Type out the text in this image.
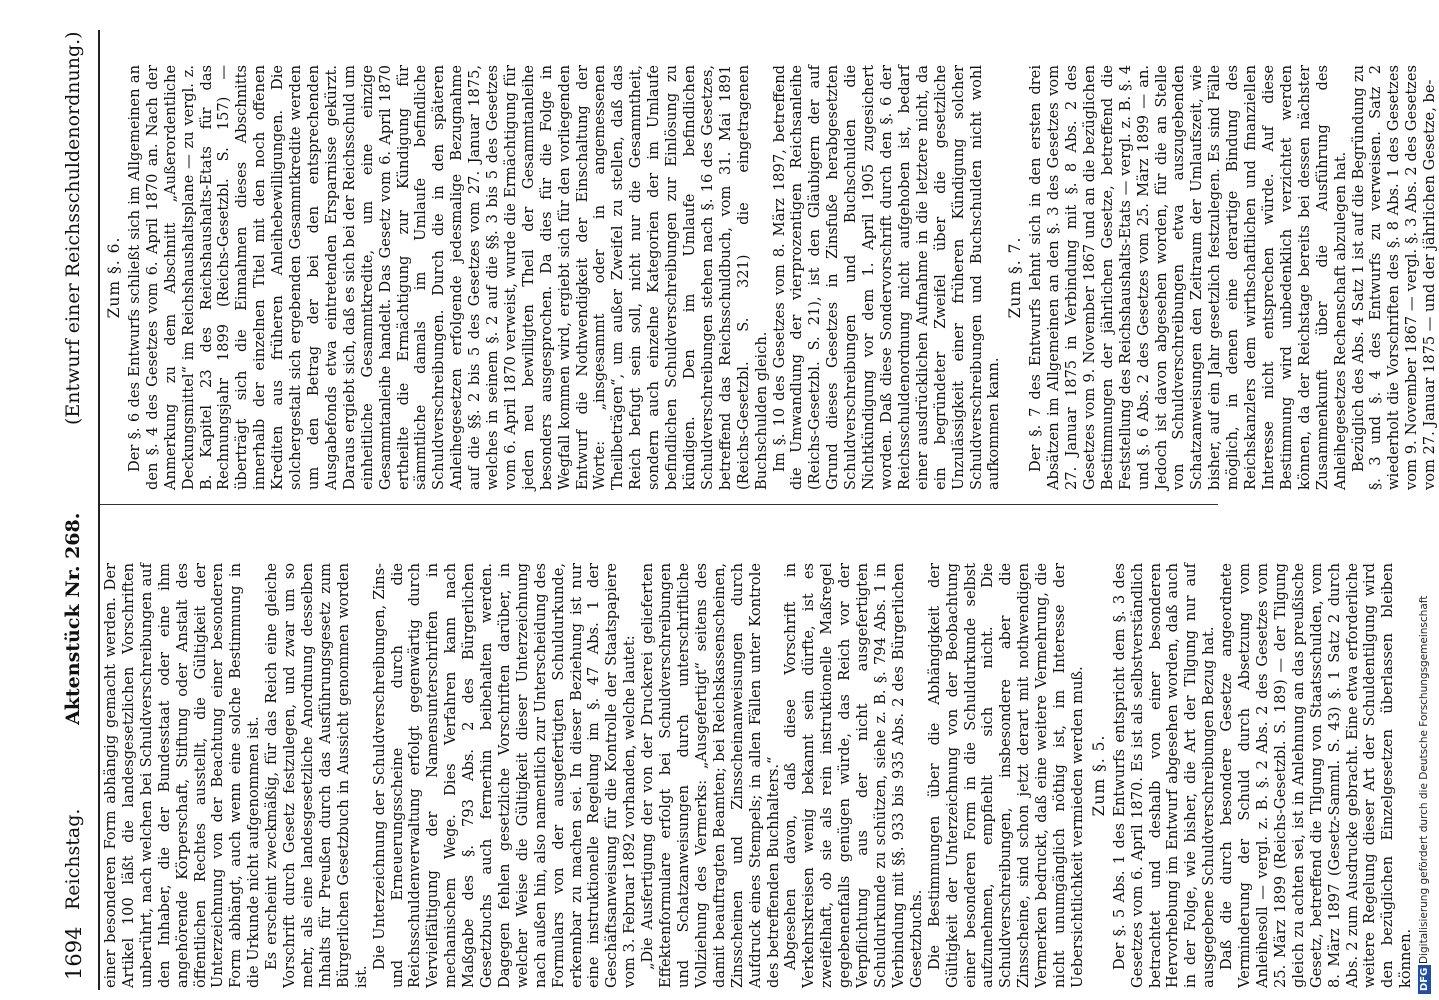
1694
Reichstag.
Aktenstück Nr. 268.
(Entwurf einer Reichsschuldenordnung.)

einer besonderen Form abhängig gemacht werden. Der Artikel 100 läßt die landesgesetzlichen Vorschriften unberührt, nach welchen bei Schuldverschreibungen auf den Inhaber, die der Bundesstaat oder eine ihm angehörende Körperschaft, Stiftung oder Anstalt des öffentlichen Rechtes ausstellt, die Gültigkeit der Unterzeichnung von der Beachtung einer besonderen Form abhängt, auch wenn eine solche Bestimmung in die Urkunde nicht aufgenommen ist. Es erscheint zweckmäßig, für das Reich eine gleiche Vorschrift durch Gesetz festzulegen, und zwar um so mehr, als eine landesgesetzliche Anordnung desselben Inhalts für Preußen durch das Ausführungsgesetz zum Bürgerlichen Gesetzbuch in Aussicht genommen worden ist.

Die Unterzeichnung der Schuldverschreibungen, Zins- und Erneuerungsscheine durch die Reichsschuldenverwaltung erfolgt gegenwärtig durch Vervielfältigung der Namensunterschriften in mechanischem Wege. Dies Verfahren kann nach Maßgabe des §. 793 Abs. 2 des Bürgerlichen Gesetzbuchs auch fernerhin beibehalten werden. Dagegen fehlen gesetzliche Vorschriften darüber, in welcher Weise die Gültigkeit dieser Unterzeichnung nach außen hin, also namentlich zur Unterscheidung des Formulars von der ausgefertigten Schuldurkunde, erkennbar zu machen sei. In dieser Beziehung ist nur eine instruktionelle Regelung im §. 47 Abs. 1 der Geschäftsanweisung für die Kontrolle der Staatspapiere vom 3. Februar 1892 vorhanden, welche lautet: „Die Ausfertigung der von der Druckerei gelieferten Effektenformulare erfolgt bei Schuldverschreibungen und Schatzanweisungen durch unterschriftliche Vollziehung des Vermerks: „Ausgefertigt“ seitens des damit beauftragten Beamten; bei Reichskassenscheinen, Zinsscheinen und Zinsscheinanweisungen durch Aufdruck eines Stempels; in allen Fällen unter Kontrole des betreffenden Buchhalters.“ Abgesehen davon, daß diese Vorschrift in Verkehrskreisen wenig bekannt sein dürfte, ist es zweifelhaft, ob sie als rein instruktionelle Maßregel gegebenenfalls genügen würde, das Reich vor der Verpflichtung aus der nicht ausgefertigten Schuldurkunde zu schützen, siehe z. B. §. 794 Abs. 1 in Verbindung mit §§. 933 bis 935 Abs. 2 des Bürgerlichen Gesetzbuchs. Die Bestimmungen über die Abhängigkeit der Gültigkeit der Unterzeichnung von der Beobachtung einer besonderen Form in die Schuldurkunde selbst aufzunehmen, empfiehlt sich nicht. Die Schuldverschreibungen, insbesondere aber die Zinsscheine, sind schon jetzt derart mit nothwendigen Vermerken bedruckt, daß eine weitere Vermehrung, die nicht unumgänglich nöthig ist, im Interesse der Uebersichtlichkeit vermieden werden muß. Zum §. 5. Der §. 5 Abs. 1 des Entwurfs entspricht dem §. 3 des Gesetzes vom 6. April 1870. Es ist als selbstverständlich betrachtet und deshalb von einer besonderen Hervorhebung im Entwurf abgesehen worden, daß auch in der Folge, wie bisher, die Art der Tilgung nur auf ausgegebene Schuldverschreibungen Bezug hat. Daß die durch besondere Gesetze angeordnete Verminderung der Schuld durch Absetzung vom Anleihesoll — vergl. z. B. §. 2 Abs. 2 des Gesetzes vom 25. März 1899 (Reichs-Gesetzbl. S. 189) — der Tilgung gleich zu achten sei, ist in Anlehnung an das preußische Gesetz, betreffend die Tilgung von Staatsschulden, vom 8. März 1897 (Gesetz-Samml. S. 43) §. 1 Satz 2 durch Abs. 2 zum Ausdrucke gebracht. Eine etwa erforderliche weitere Regelung dieser Art der Schuldentilgung wird den bezüglichen Einzelgesetzen überlassen bleiben können.

Zum §. 6. Der §. 6 des Entwurfs schließt sich im Allgemeinen an den §. 4 des Gesetzes vom 6. April 1870 an. Nach der Anmerkung zu dem Abschnitt „Außerordentliche Deckungsmittel“ im Reichshaushaltsplane — zu vergl. z. B. Kapitel 23 des Reichshaushalts-Etats für das Rechnungsjahr 1899 (Reichs-Gesetzbl. S. 157) — überträgt sich die Einnahmen dieses Abschnitts innerhalb der einzelnen Titel mit den noch offenen Krediten aus früheren Anleihebewilligungen. Die solchergestalt sich ergebenden Gesammtkredite werden um den Betrag der bei den entsprechenden Ausgabefonds etwa eintretenden Ersparnisse gekürzt. Daraus ergiebt sich, daß es sich bei der Reichsschuld um einheitliche Gesammtkredite, um eine einzige Gesammtanleihe handelt. Das Gesetz vom 6. April 1870 ertheilte die Ermächtigung zur Kündigung für sämmtliche damals im Umlaufe befindliche Schuldverschreibungen. Durch die in den späteren Anleihegesetzen erfolgende jedesmalige Bezugnahme auf die §§. 2 bis 5 des Gesetzes vom 27. Januar 1875, welches in seinem §. 2 auf die §§. 3 bis 5 des Gesetzes vom 6. April 1870 verweist, wurde die Ermächtigung für jeden neu bewilligten Theil der Gesammtanleihe besonders ausgesprochen. Da dies für die Folge in Wegfall kommen wird, ergiebt sich für den vorliegenden Entwurf die Nothwendigkeit der Einschaltung der Worte: „insgesammt oder in angemessenen Theilbeträgen“, um außer Zweifel zu stellen, daß das Reich befugt sein soll, nicht nur die Gesammtheit, sondern auch einzelne Kategorien der im Umlaufe befindlichen Schuldverschreibungen zur Einlösung zu kündigen. Den im Umlaufe befindlichen Schuldverschreibungen stehen nach §. 16 des Gesetzes, betreffend das Reichsschuldbuch, vom 31. Mai 1891 (Reichs-Gesetzbl. S. 321) die eingetragenen Buchschulden gleich. Im §. 10 des Gesetzes vom 8. März 1897, betreffend die Umwandlung der vierprozentigen Reichsanleihe (Reichs-Gesetzbl. S. 21), ist den Gläubigern der auf Grund dieses Gesetzes in Zinsfuße herabgesetzten Schuldverschreibungen und Buchschulden die Nichtkündigung vor dem 1. April 1905 zugesichert worden. Daß diese Sondervorschrift durch den §. 6 der Reichsschuldenordnung nicht aufgehoben ist, bedarf einer ausdrücklichen Aufnahme in die letztere nicht, da ein begründeter Zweifel über die gesetzliche Unzulässigkeit einer früheren Kündigung solcher Schuldverschreibungen und Buchschulden nicht wohl aufkommen kann.

Zum §. 7. Der §. 7 des Entwurfs lehnt sich in den ersten drei Absätzen im Allgemeinen an den §. 3 des Gesetzes vom 27. Januar 1875 in Verbindung mit §. 8 Abs. 2 des Gesetzes vom 9. November 1867 und an die bezüglichen Bestimmungen der jährlichen Gesetze, betreffend die Feststellung des Reichshaushalts-Etats — vergl. z. B. §. 4 und §. 6 Abs. 2 des Gesetzes vom 25. März 1899 — an. Jedoch ist davon abgesehen worden, für die an Stelle von Schuldverschreibungen etwa auszugebenden Schatzanweisungen den Zeitraum der Umlaufszeit, wie bisher, auf ein Jahr gesetzlich festzulegen. Es sind Fälle möglich, in denen eine derartige Bindung des Reichskanzlers dem wirthschaftlichen und finanziellen Interesse nicht entsprechen würde. Auf diese Bestimmung wird unbedenklich verzichtet werden können, da der Reichstage bereits bei dessen nächster Zusammenkunft über die Ausführung des Anleihegesetzes Rechenschaft abzulegen hat. Bezüglich des Abs. 4 Satz 1 ist auf die Begründung zu §. 3 und §. 4 des Entwurfs zu verweisen. Satz 2 wiederholt die Vorschriften des §. 8 Abs. 1 des Gesetzes vom 9. November 1867 — vergl. §. 3 Abs. 2 des Gesetzes vom 27. Januar 1875 — und der jährlichen Gesetze, be-

DFG
Digitalisierung gefördert durch die Deutsche Forschungsgemeinschaft
